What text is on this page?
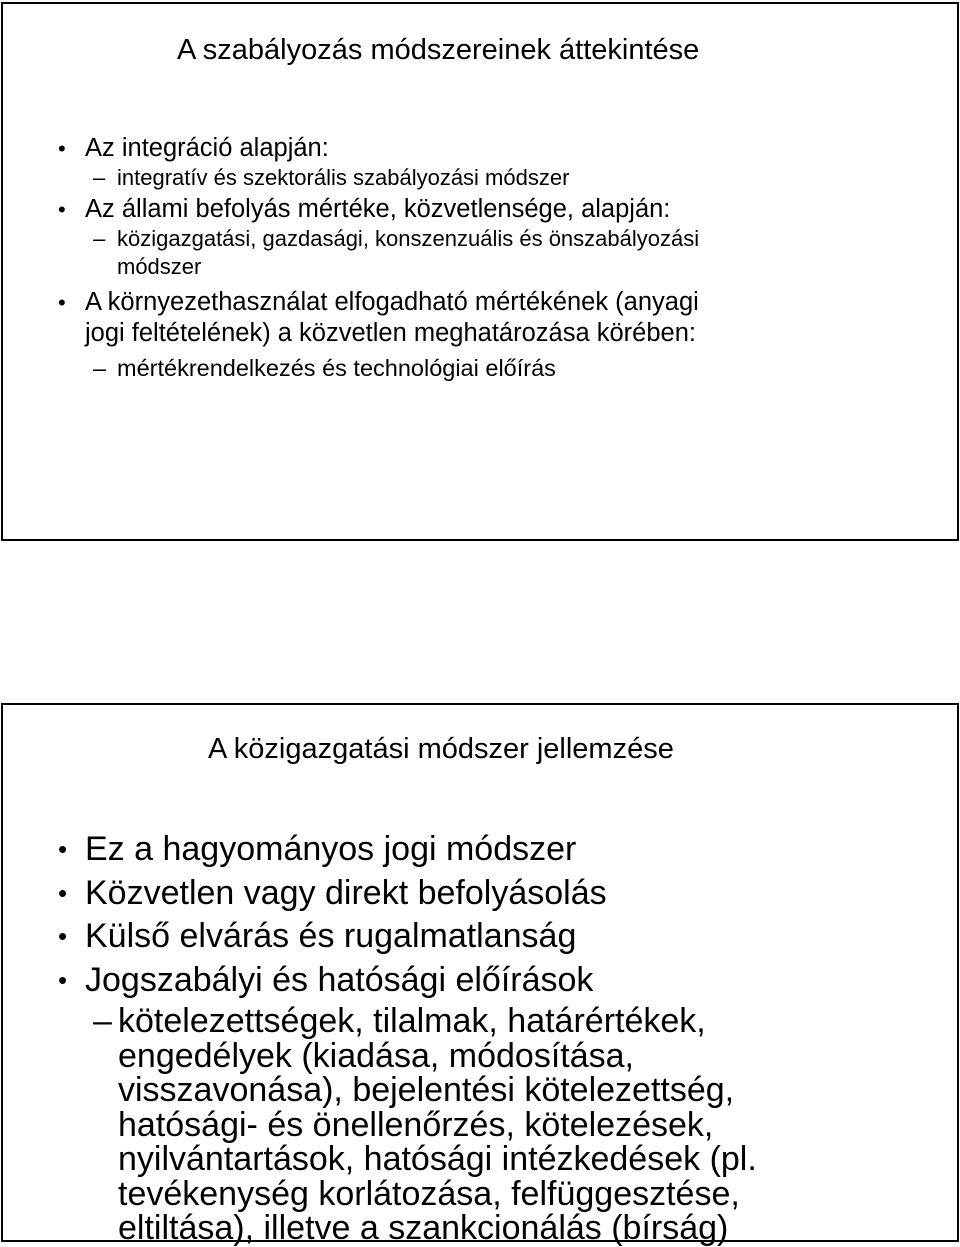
A szabályozás módszereinek áttekintése
• Az integráció alapján:
– integratív és szektorális szabályozási módszer
• Az állami befolyás mértéke, közvetlensége, alapján:
– közigazgatási, gazdasági, konszenzuális és önszabályozási
módszer
• A környezethasználat elfogadható mértékének (anyagi
jogi feltételének) a közvetlen meghatározása körében:
– mértékrendelkezés és technológiai előírás
A közigazgatási módszer jellemzése
• Ez a hagyományos jogi módszer
• Közvetlen vagy direkt befolyásolás
• Külső elvárás és rugalmatlanság
• Jogszabályi és hatósági előírások
– kötelezettségek, tilalmak, határértékek,
engedélyek (kiadása, módosítása,
visszavonása), bejelentési kötelezettség,
hatósági- és önellenőrzés, kötelezések,
nyilvántartások, hatósági intézkedések (pl.
tevékenység korlátozása, felfüggesztése,
eltiltása), illetve a szankcionálás (bírság)
